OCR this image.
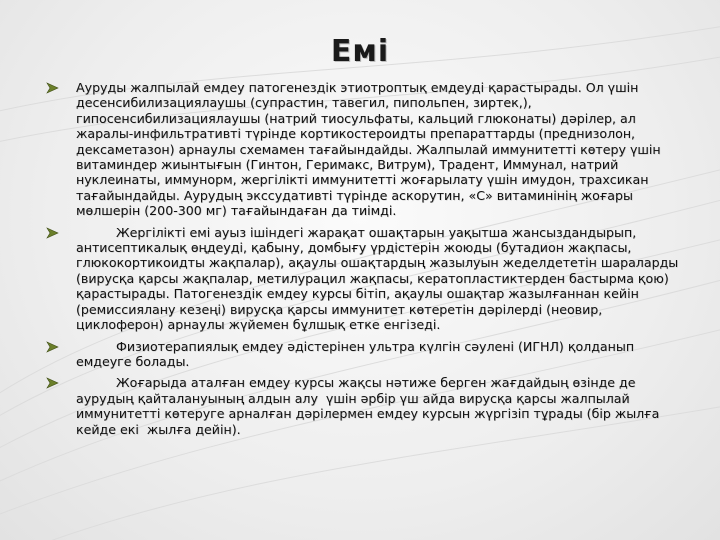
Емі
Ауруды жалпылай емдеу патогенездік этиотроптық емдеуді қарастырады. Ол үшін десенсибилизациялаушы (супрастин, тавегил, пипольпен, зиртек,), гипосенсибилизациялаушы (натрий тиосульфаты, кальций глюконаты) дәрілер, ал жаралы-инфильтративті түрінде кортикостероидты препараттарды (преднизолон, дексаметазон) арнаулы схемамен тағайындайды. Жалпылай иммунитетті көтеру үшін витаминдер жиынтығын (Гинтон, Геримакс, Витрум), Традент, Иммунал, натрий нуклеинаты, иммунорм, жергілікті иммунитетті жоғарылату үшін имудон, трахсикан тағайындайды. Аурудың экссудативті түрінде аскорутин, «С» витаминінің жоғары мөлшерін (200-300 мг) тағайындаған да тиімді.
Жергілікті емі ауыз ішіндегі жарақат ошақтарын уақытша жансыздандырып, антисептикалық өңдеуді, қабыну, домбығу үрдістерін жоюды (бутадион жақпасы, глюкокортикоидты жақпалар), ақаулы ошақтардың жазылуын жеделдететін шараларды (вирусқа қарсы жақпалар, метилурацил жақпасы, кератопластиктерден бастырма қою) қарастырады. Патогенездік емдеу курсы бітіп, ақаулы ошақтар жазылғаннан кейін (ремиссиялану кезеңі) вирусқа қарсы иммунитет көтеретін дәрілерді (неовир, циклоферон) арнаулы жүйемен бұлшық етке енгізеді.
Физиотерапиялық емдеу әдістерінен ультра күлгін сәулені (ИГНЛ) қолданып емдеуге болады.
Жоғарыда аталған емдеу курсы жақсы нәтиже берген жағдайдың өзінде де аурудың қайталануының алдын алу  үшін әрбір үш айда вирусқа қарсы жалпылай иммунитетті көтеруге арналған дәрілермен емдеу курсын жүргізіп тұрады (бір жылға кейде екі  жылға дейін).
